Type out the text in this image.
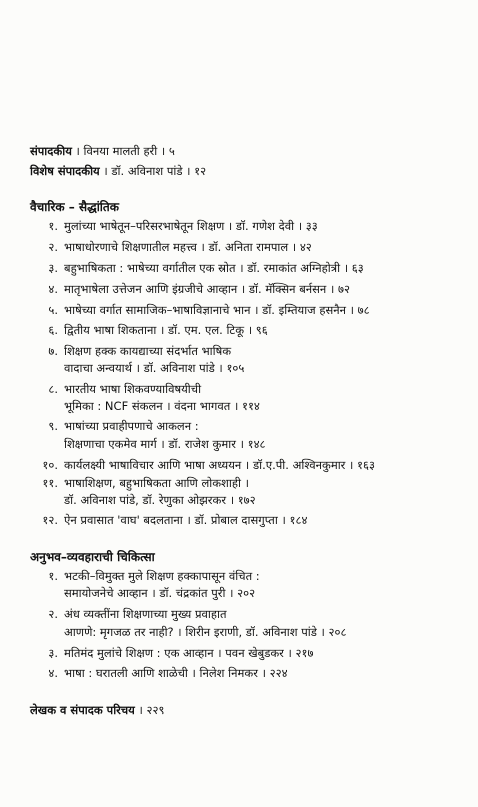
संपादकीय । विनया मालती हरी । ५
विशेष संपादकीय । डॉ. अविनाश पांडे । १२
वैचारिक – सैद्धांतिक
१. मुलांच्या भाषेतून–परिसरभाषेतून शिक्षण । डॉ. गणेश देवी । ३३
२. भाषाधोरणाचे शिक्षणातील महत्त्व । डॉ. अनिता रामपाल । ४२
३. बहुभाषिकता : भाषेच्या वर्गातील एक स्रोत । डॉ. रमाकांत अग्निहोत्री । ६३
४. मातृभाषेला उत्तेजन आणि इंग्रजीचे आव्हान । डॉ. मॅक्सिन बर्नसन । ७२
५. भाषेच्या वर्गात सामाजिक–भाषाविज्ञानाचे भान । डॉ. इम्तियाज हसनैन । ७८
६. द्वितीय भाषा शिकताना । डॉ. एम. एल. टिकू । ९६
७. शिक्षण हक्क कायद्याच्या संदर्भात भाषिक
वादाचा अन्वयार्थ । डॉ. अविनाश पांडे । १०५
८. भारतीय भाषा शिकवण्याविषयीची
भूमिका : NCF संकलन । वंदना भागवत । ११४
९. भाषांच्या प्रवाहीपणाचे आकलन :
शिक्षणाचा एकमेव मार्ग । डॉ. राजेश कुमार । १४८
१०. कार्यलक्ष्यी भाषाविचार आणि भाषा अध्ययन । डॉ.ए.पी. अश्विनकुमार । १६३
११. भाषाशिक्षण, बहुभाषिकता आणि लोकशाही ।
डॉ. अविनाश पांडे, डॉ. रेणुका ओझरकर । १७२
१२. ऐन प्रवासात 'वाघ' बदलताना । डॉ. प्रोबाल दासगुप्ता । १८४
अनुभव–व्यवहाराची चिकित्सा
१. भटकी–विमुक्त मुले शिक्षण हक्कापासून वंचित :
समायोजनेचे आव्हान । डॉ. चंद्रकांत पुरी । २०२
२. अंध व्यक्तींना शिक्षणाच्या मुख्य प्रवाहात
आणणे: मृगजळ तर नाही? । शिरीन इराणी, डॉ. अविनाश पांडे । २०८
३. मतिमंद मुलांचे शिक्षण : एक आव्हान । पवन खेबुडकर । २१७
४. भाषा : घरातली आणि शाळेची । निलेश निमकर । २२४
लेखक व संपादक परिचय । २२९
